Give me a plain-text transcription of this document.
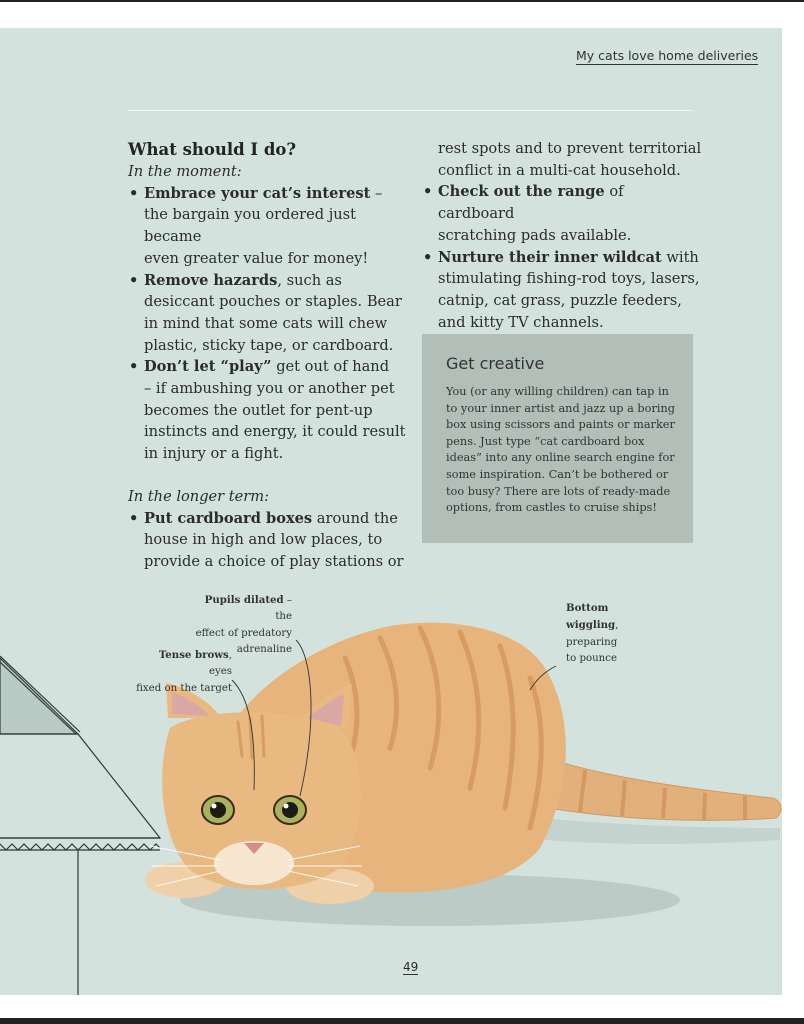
My cats love home deliveries
What should I do?

In the moment:

• Embrace your cat’s interest –
the bargain you ordered just became
even greater value for money!
• Remove hazards, such as
desiccant pouches or staples. Bear
in mind that some cats will chew
plastic, sticky tape, or cardboard.
• Don’t let “play” get out of hand
– if ambushing you or another pet
becomes the outlet for pent-up
instincts and energy, it could result
in injury or a fight.

In the longer term:

• Put cardboard boxes around the
house in high and low places, to
provide a choice of play stations or
rest spots and to prevent territorial
conflict in a multi-cat household.
• Check out the range of cardboard
scratching pads available.
• Nurture their inner wildcat with
stimulating fishing-rod toys, lasers,
catnip, cat grass, puzzle feeders,
and kitty TV channels.
Get creative

You (or any willing children) can tap in
to your inner artist and jazz up a boring
box using scissors and paints or marker
pens. Just type “cat cardboard box
ideas” into any online search engine for
some inspiration. Can’t be bothered or
too busy? There are lots of ready-made
options, from castles to cruise ships!

Pupils dilated – the
effect of predatory
adrenaline
Tense brows, eyes
fixed on the target
Bottom
wiggling,
preparing
to pounce
49
